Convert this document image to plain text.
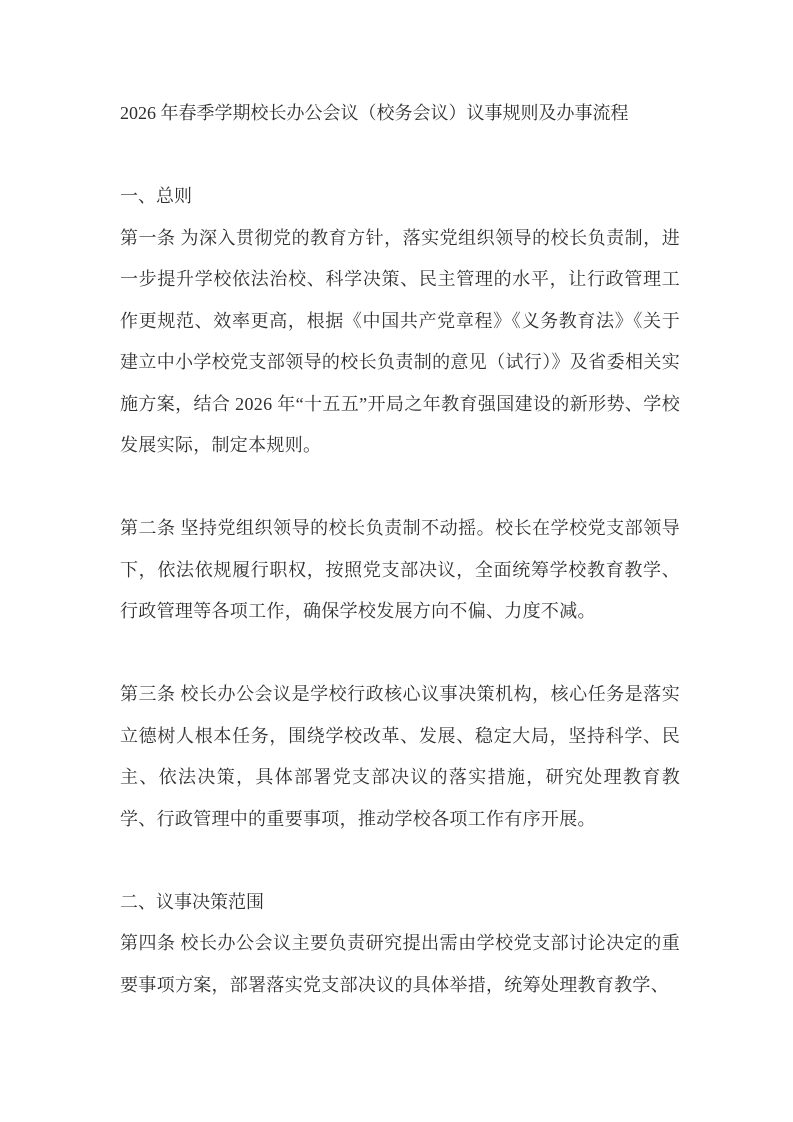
2026 年春季学期校长办公会议（校务会议）议事规则及办事流程
一、总则

第一条 为深入贯彻党的教育方针，落实党组织领导的校长负责制，进一步提升学校依法治校、科学决策、民主管理的水平，让行政管理工作更规范、效率更高，根据《中国共产党章程》《义务教育法》《关于建立中小学校党支部领导的校长负责制的意见（试行）》及省委相关实施方案，结合 2026 年“十五五”开局之年教育强国建设的新形势、学校发展实际，制定本规则。

第二条 坚持党组织领导的校长负责制不动摇。校长在学校党支部领导下，依法依规履行职权，按照党支部决议，全面统筹学校教育教学、行政管理等各项工作，确保学校发展方向不偏、力度不减。

第三条 校长办公会议是学校行政核心议事决策机构，核心任务是落实立德树人根本任务，围绕学校改革、发展、稳定大局，坚持科学、民主、依法决策，具体部署党支部决议的落实措施，研究处理教育教学、行政管理中的重要事项，推动学校各项工作有序开展。

二、议事决策范围

第四条 校长办公会议主要负责研究提出需由学校党支部讨论决定的重要事项方案，部署落实党支部决议的具体举措，统筹处理教育教学、
